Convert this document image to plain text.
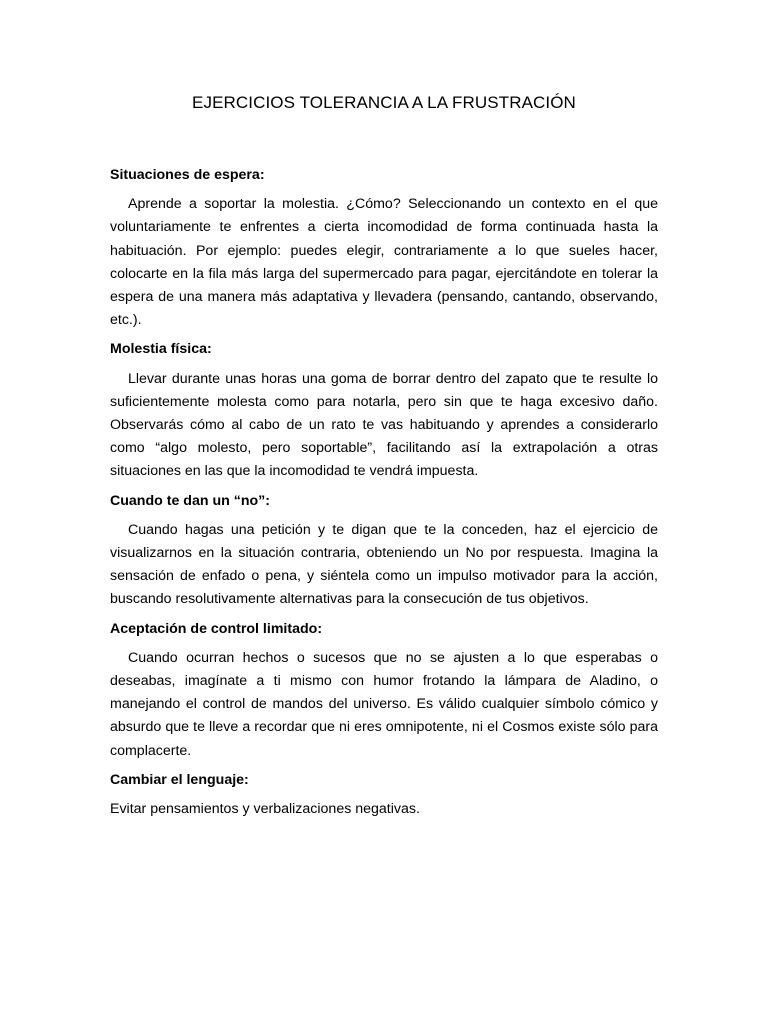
EJERCICIOS TOLERANCIA A LA FRUSTRACIÓN
Situaciones de espera:
Aprende a soportar la molestia. ¿Cómo? Seleccionando un contexto en el que voluntariamente te enfrentes a cierta incomodidad de forma continuada hasta la habituación. Por ejemplo: puedes elegir, contrariamente a lo que sueles hacer, colocarte en la fila más larga del supermercado para pagar, ejercitándote en tolerar la espera de una manera más adaptativa y llevadera (pensando, cantando, observando, etc.).
Molestia física:
Llevar durante unas horas una goma de borrar dentro del zapato que te resulte lo suficientemente molesta como para notarla, pero sin que te haga excesivo daño. Observarás cómo al cabo de un rato te vas habituando y aprendes a considerarlo como “algo molesto, pero soportable”, facilitando así la extrapolación a otras situaciones en las que la incomodidad te vendrá impuesta.
Cuando te dan un “no”:
Cuando hagas una petición y te digan que te la conceden, haz el ejercicio de visualizarnos en la situación contraria, obteniendo un No por respuesta. Imagina la sensación de enfado o pena, y siéntela como un impulso motivador para la acción, buscando resolutivamente alternativas para la consecución de tus objetivos.
Aceptación de control limitado:
Cuando ocurran hechos o sucesos que no se ajusten a lo que esperabas o deseabas, imagínate a ti mismo con humor frotando la lámpara de Aladino, o manejando el control de mandos del universo. Es válido cualquier símbolo cómico y absurdo que te lleve a recordar que ni eres omnipotente, ni el Cosmos existe sólo para complacerte.
Cambiar el lenguaje:
Evitar pensamientos y verbalizaciones negativas.
